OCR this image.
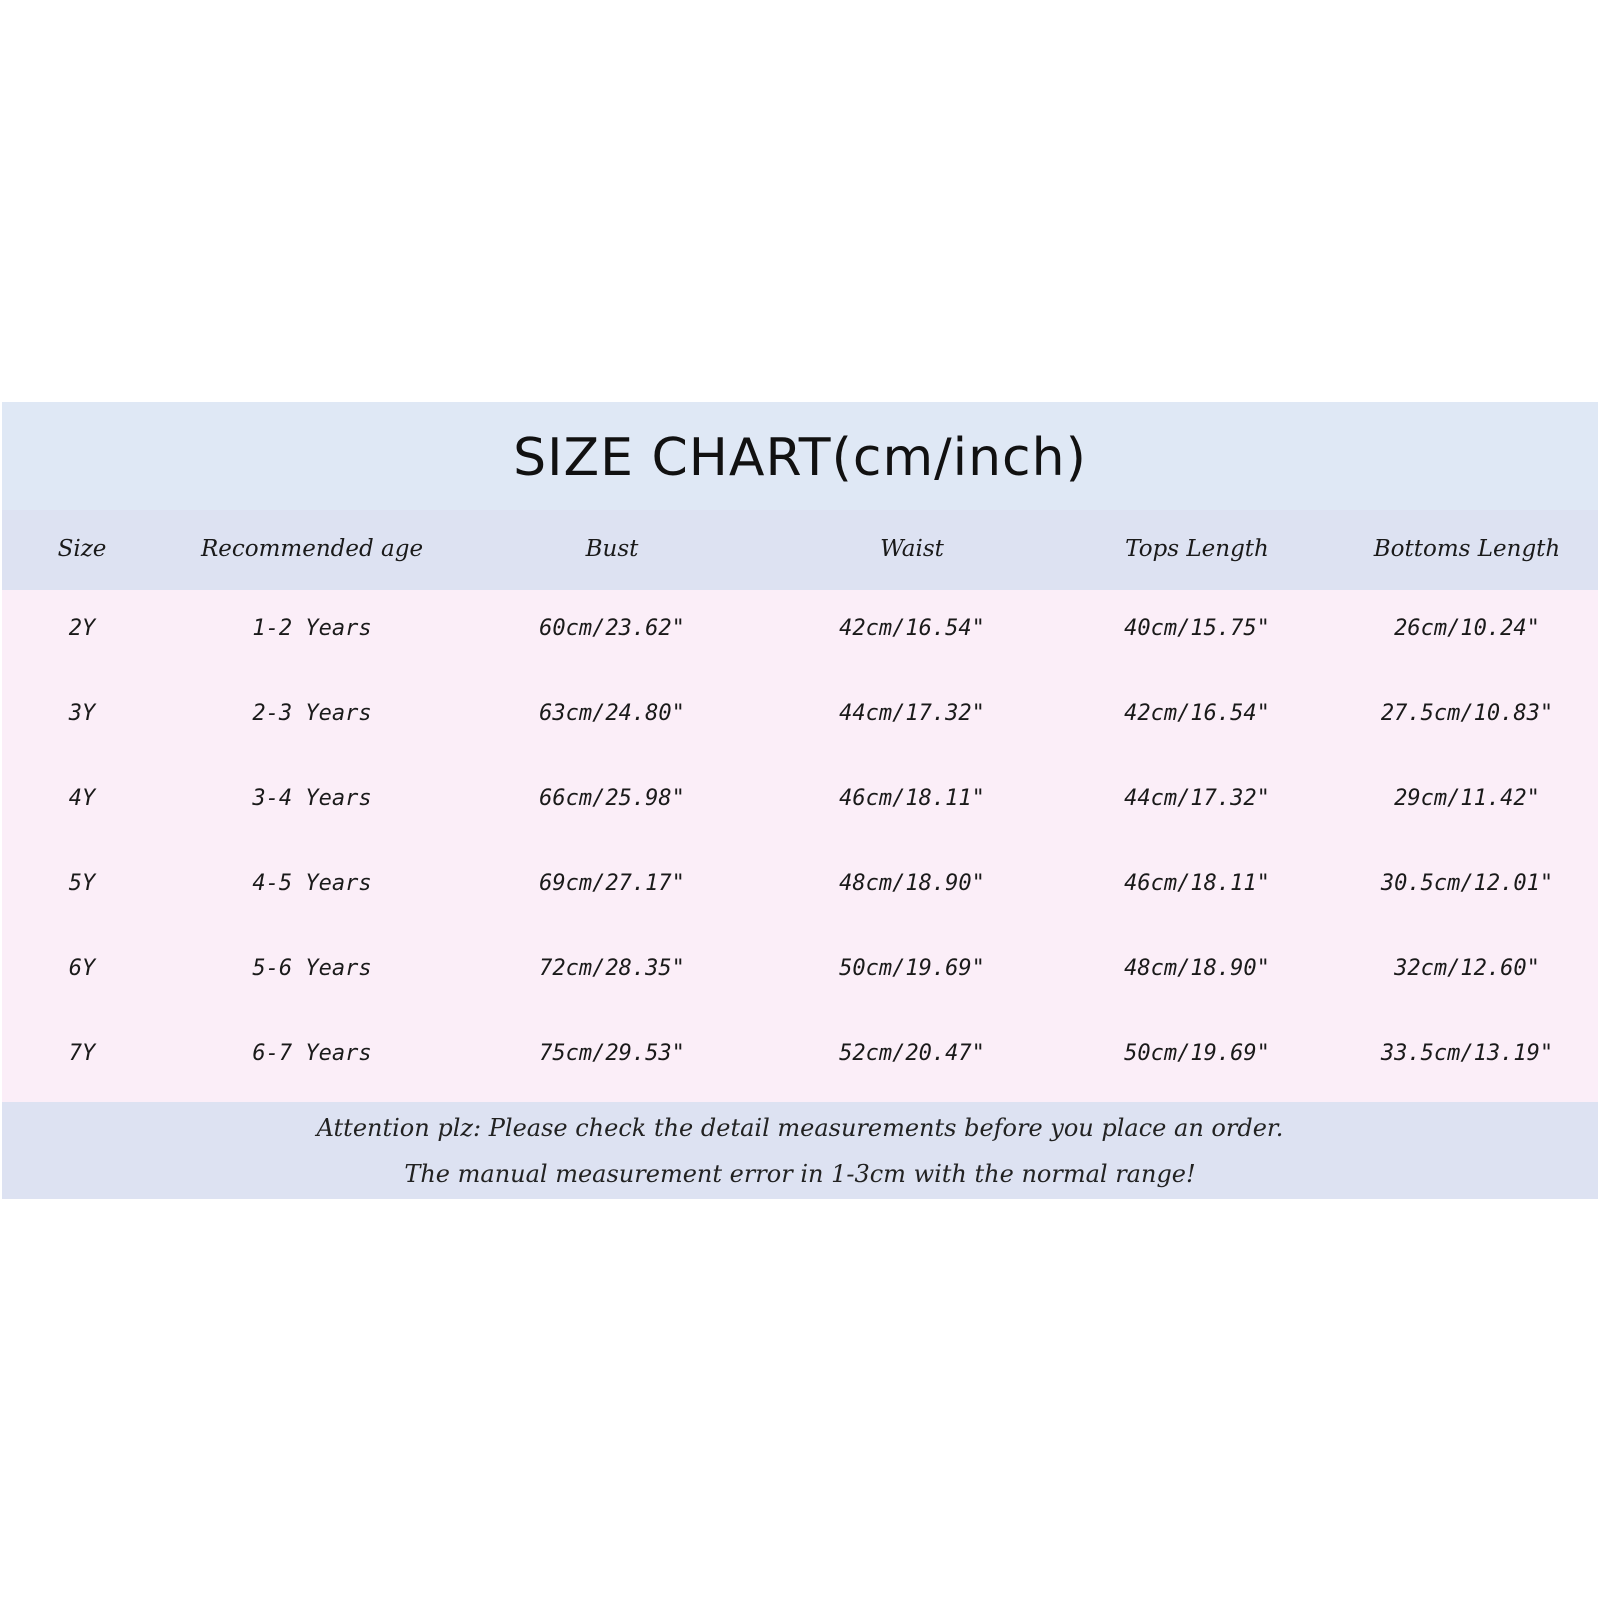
SIZE CHART(cm/inch)
Size	Recommended age	Bust	Waist	Tops Length	Bottoms Length
2Y	1-2 Years	60cm/23.62"	42cm/16.54"	40cm/15.75"	26cm/10.24"
3Y	2-3 Years	63cm/24.80"	44cm/17.32"	42cm/16.54"	27.5cm/10.83"
4Y	3-4 Years	66cm/25.98"	46cm/18.11"	44cm/17.32"	29cm/11.42"
5Y	4-5 Years	69cm/27.17"	48cm/18.90"	46cm/18.11"	30.5cm/12.01"
6Y	5-6 Years	72cm/28.35"	50cm/19.69"	48cm/18.90"	32cm/12.60"
7Y	6-7 Years	75cm/29.53"	52cm/20.47"	50cm/19.69"	33.5cm/13.19"
Attention plz: Please check the detail measurements before you place an order.
The manual measurement error in 1-3cm with the normal range!
